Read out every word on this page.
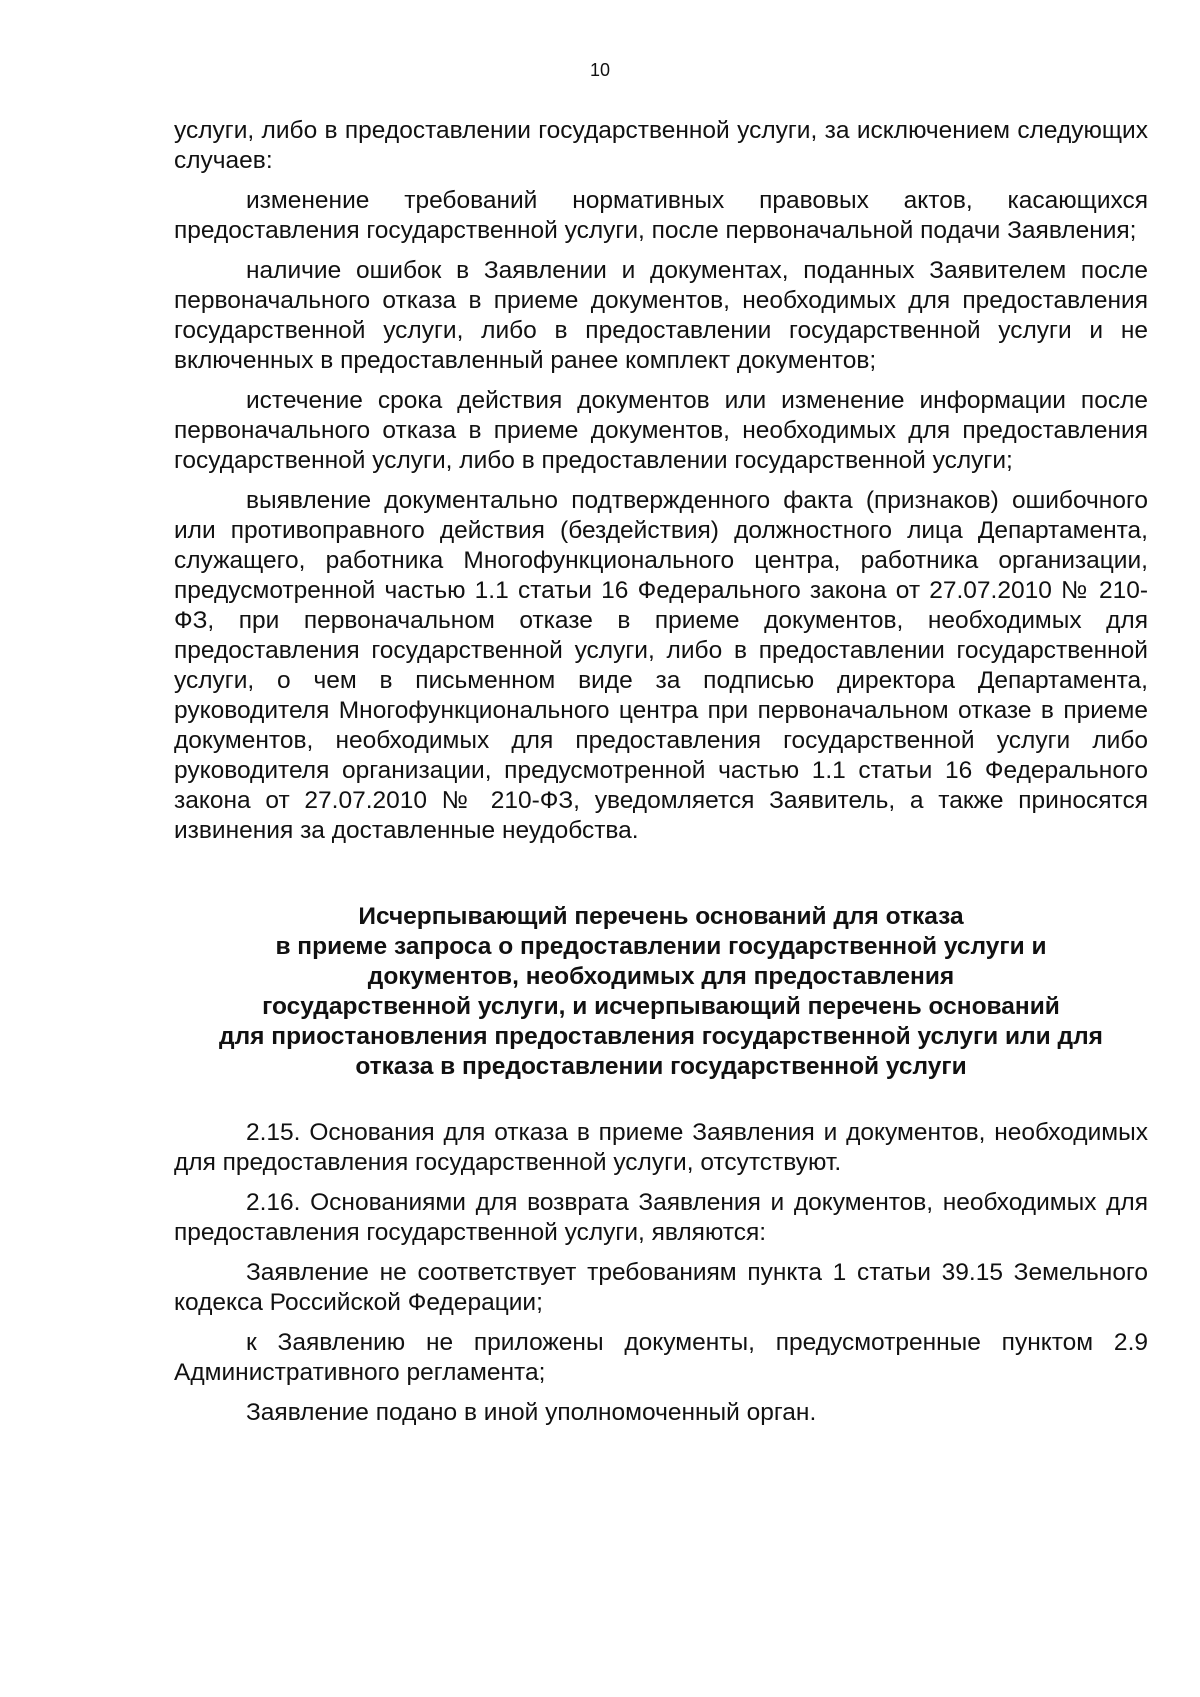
10

услуги, либо в предоставлении государственной услуги, за исключением следующих случаев:

изменение требований нормативных правовых актов, касающихся предоставления государственной услуги, после первоначальной подачи Заявления;

наличие ошибок в Заявлении и документах, поданных Заявителем после первоначального отказа в приеме документов, необходимых для предоставления государственной услуги, либо в предоставлении государственной услуги и не включенных в предоставленный ранее комплект документов;

истечение срока действия документов или изменение информации после первоначального отказа в приеме документов, необходимых для предоставления государственной услуги, либо в предоставлении государственной услуги;

выявление документально подтвержденного факта (признаков) ошибочного или противоправного действия (бездействия) должностного лица Департамента, служащего, работника Многофункционального центра, работника организации, предусмотренной частью 1.1 статьи 16 Федерального закона от 27.07.2010 № 210-ФЗ, при первоначальном отказе в приеме документов, необходимых для предоставления государственной услуги, либо в предоставлении государственной услуги, о чем в письменном виде за подписью директора Департамента, руководителя Многофункционального центра при первоначальном отказе в приеме документов, необходимых для предоставления государственной услуги либо руководителя организации, предусмотренной частью 1.1 статьи 16 Федерального закона от 27.07.2010 № 210-ФЗ, уведомляется Заявитель, а также приносятся извинения за доставленные неудобства.

Исчерпывающий перечень оснований для отказа
в приеме запроса о предоставлении государственной услуги и
документов, необходимых для предоставления
государственной услуги, и исчерпывающий перечень оснований
для приостановления предоставления государственной услуги или для
отказа в предоставлении государственной услуги

2.15. Основания для отказа в приеме Заявления и документов, необходимых для предоставления государственной услуги, отсутствуют.

2.16. Основаниями для возврата Заявления и документов, необходимых для предоставления государственной услуги, являются:

Заявление не соответствует требованиям пункта 1 статьи 39.15 Земельного кодекса Российской Федерации;

к Заявлению не приложены документы, предусмотренные пунктом 2.9 Административного регламента;

Заявление подано в иной уполномоченный орган.
